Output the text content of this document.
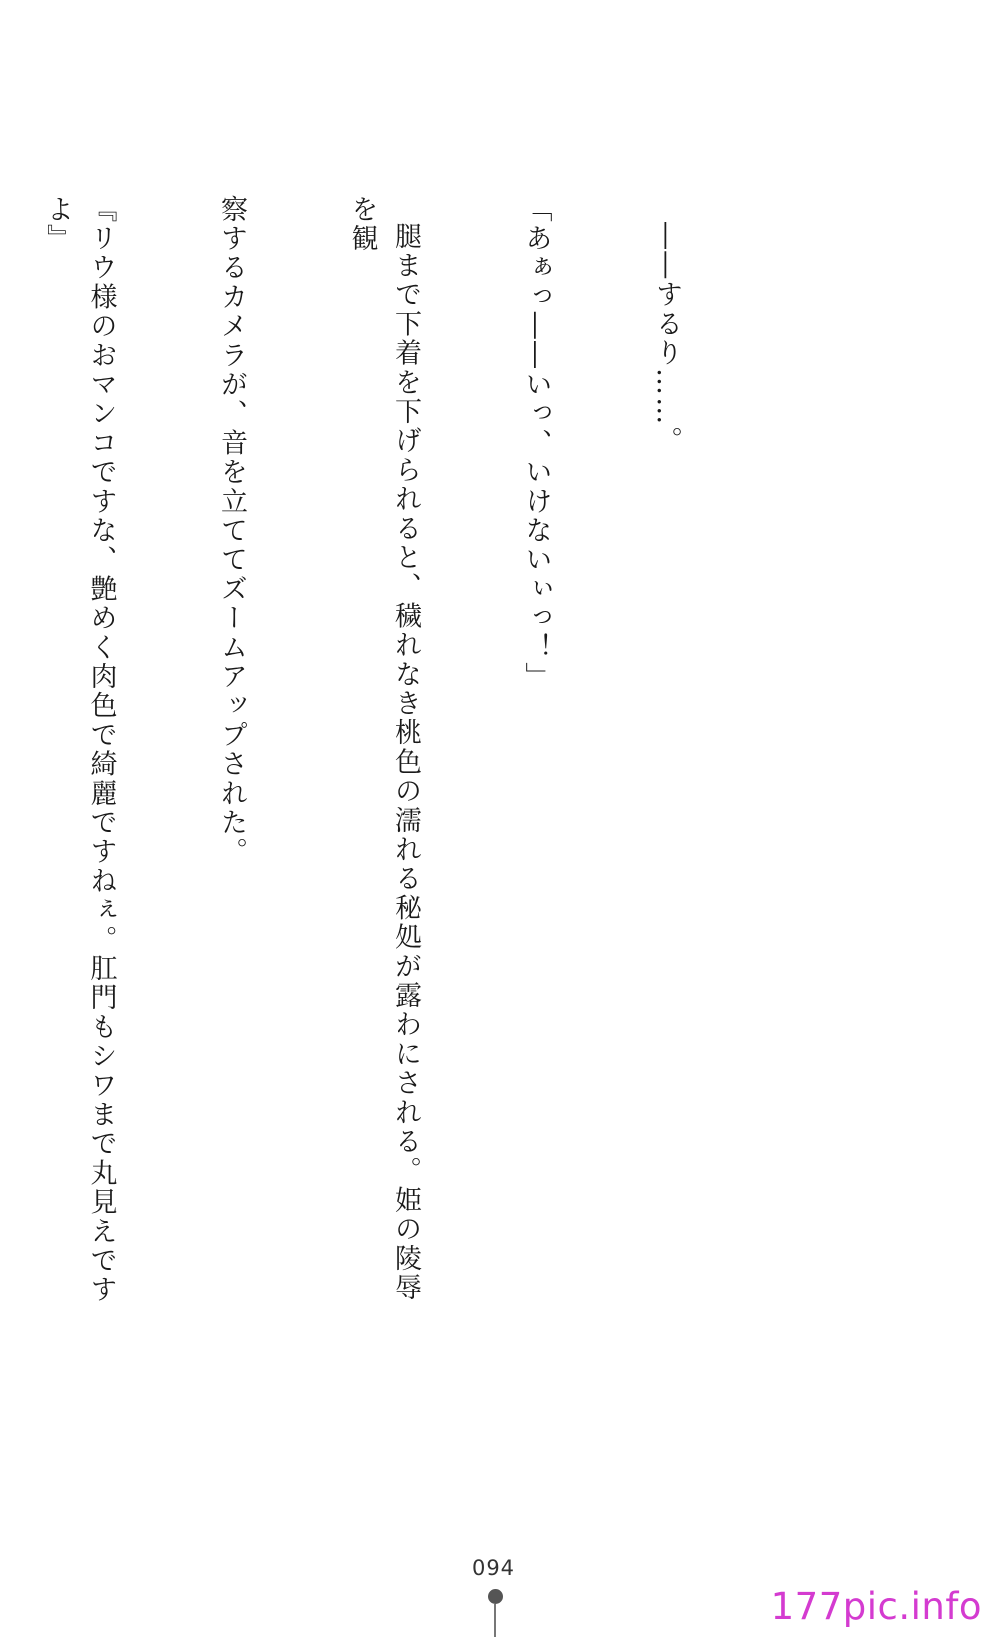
――するり……。

「あぁっ――いっ、いけないぃっ！」

腿まで下着を下げられると、穢れなき桃色の濡れる秘処が露わにされる。姫の陵辱を観

察するカメラが、音を立ててズームアップされた。

『リウ様のおマンコですな、艶めく肉色で綺麗ですねぇ。肛門もシワまで丸見えですよ』

094
177pic.info
